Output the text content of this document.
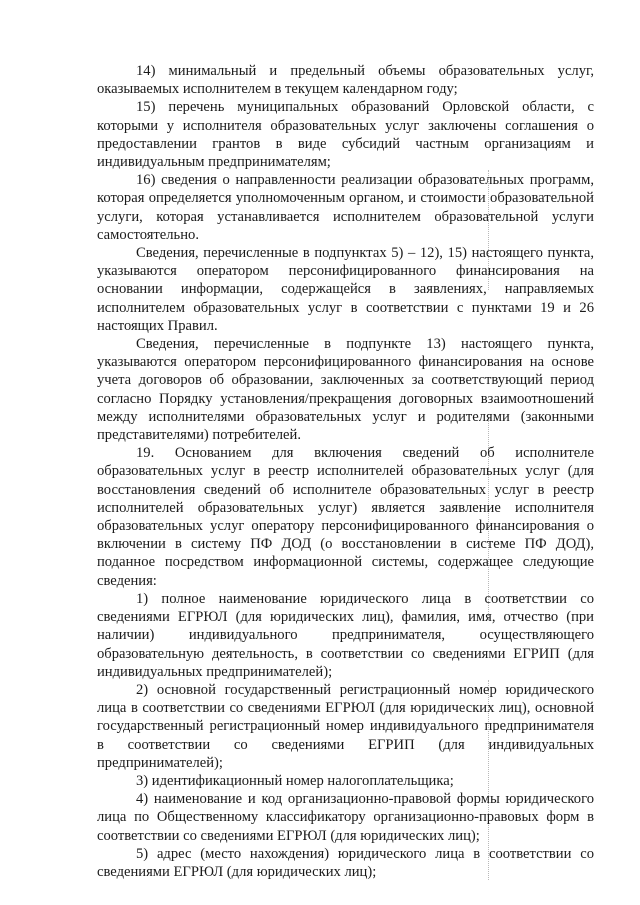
14) минимальный и предельный объемы образовательных услуг, оказываемых исполнителем в текущем календарном году;

15) перечень муниципальных образований Орловской области, с которыми у исполнителя образовательных услуг заключены соглашения о предоставлении грантов в виде субсидий частным организациям и индивидуальным предпринимателям;

16) сведения о направленности реализации образовательных программ, которая определяется уполномоченным органом, и стоимости образовательной услуги, которая устанавливается исполнителем образовательной услуги самостоятельно.

Сведения, перечисленные в подпунктах 5) – 12), 15) настоящего пункта, указываются оператором персонифицированного финансирования на основании информации, содержащейся в заявлениях, направляемых исполнителем образовательных услуг в соответствии с пунктами 19 и 26 настоящих Правил.

Сведения, перечисленные в подпункте 13) настоящего пункта, указываются оператором персонифицированного финансирования на основе учета договоров об образовании, заключенных за соответствующий период согласно Порядку установления/прекращения договорных взаимоотношений между исполнителями образовательных услуг и родителями (законными представителями) потребителей.

19. Основанием для включения сведений об исполнителе образовательных услуг в реестр исполнителей образовательных услуг (для восстановления сведений об исполнителе образовательных услуг в реестр исполнителей образовательных услуг) является заявление исполнителя образовательных услуг оператору персонифицированного финансирования о включении в систему ПФ ДОД (о восстановлении в системе ПФ ДОД), поданное посредством информационной системы, содержащее следующие сведения:

1) полное наименование юридического лица в соответствии со сведениями ЕГРЮЛ (для юридических лиц), фамилия, имя, отчество (при наличии) индивидуального предпринимателя, осуществляющего образовательную деятельность, в соответствии со сведениями ЕГРИП (для индивидуальных предпринимателей);

2) основной государственный регистрационный номер юридического лица в соответствии со сведениями ЕГРЮЛ (для юридических лиц), основной государственный регистрационный номер индивидуального предпринимателя в соответствии со сведениями ЕГРИП (для индивидуальных предпринимателей);

3) идентификационный номер налогоплательщика;

4) наименование и код организационно-правовой формы юридического лица по Общественному классификатору организационно-правовых форм в соответствии со сведениями ЕГРЮЛ (для юридических лиц);

5) адрес (место нахождения) юридического лица в соответствии со сведениями ЕГРЮЛ (для юридических лиц);
